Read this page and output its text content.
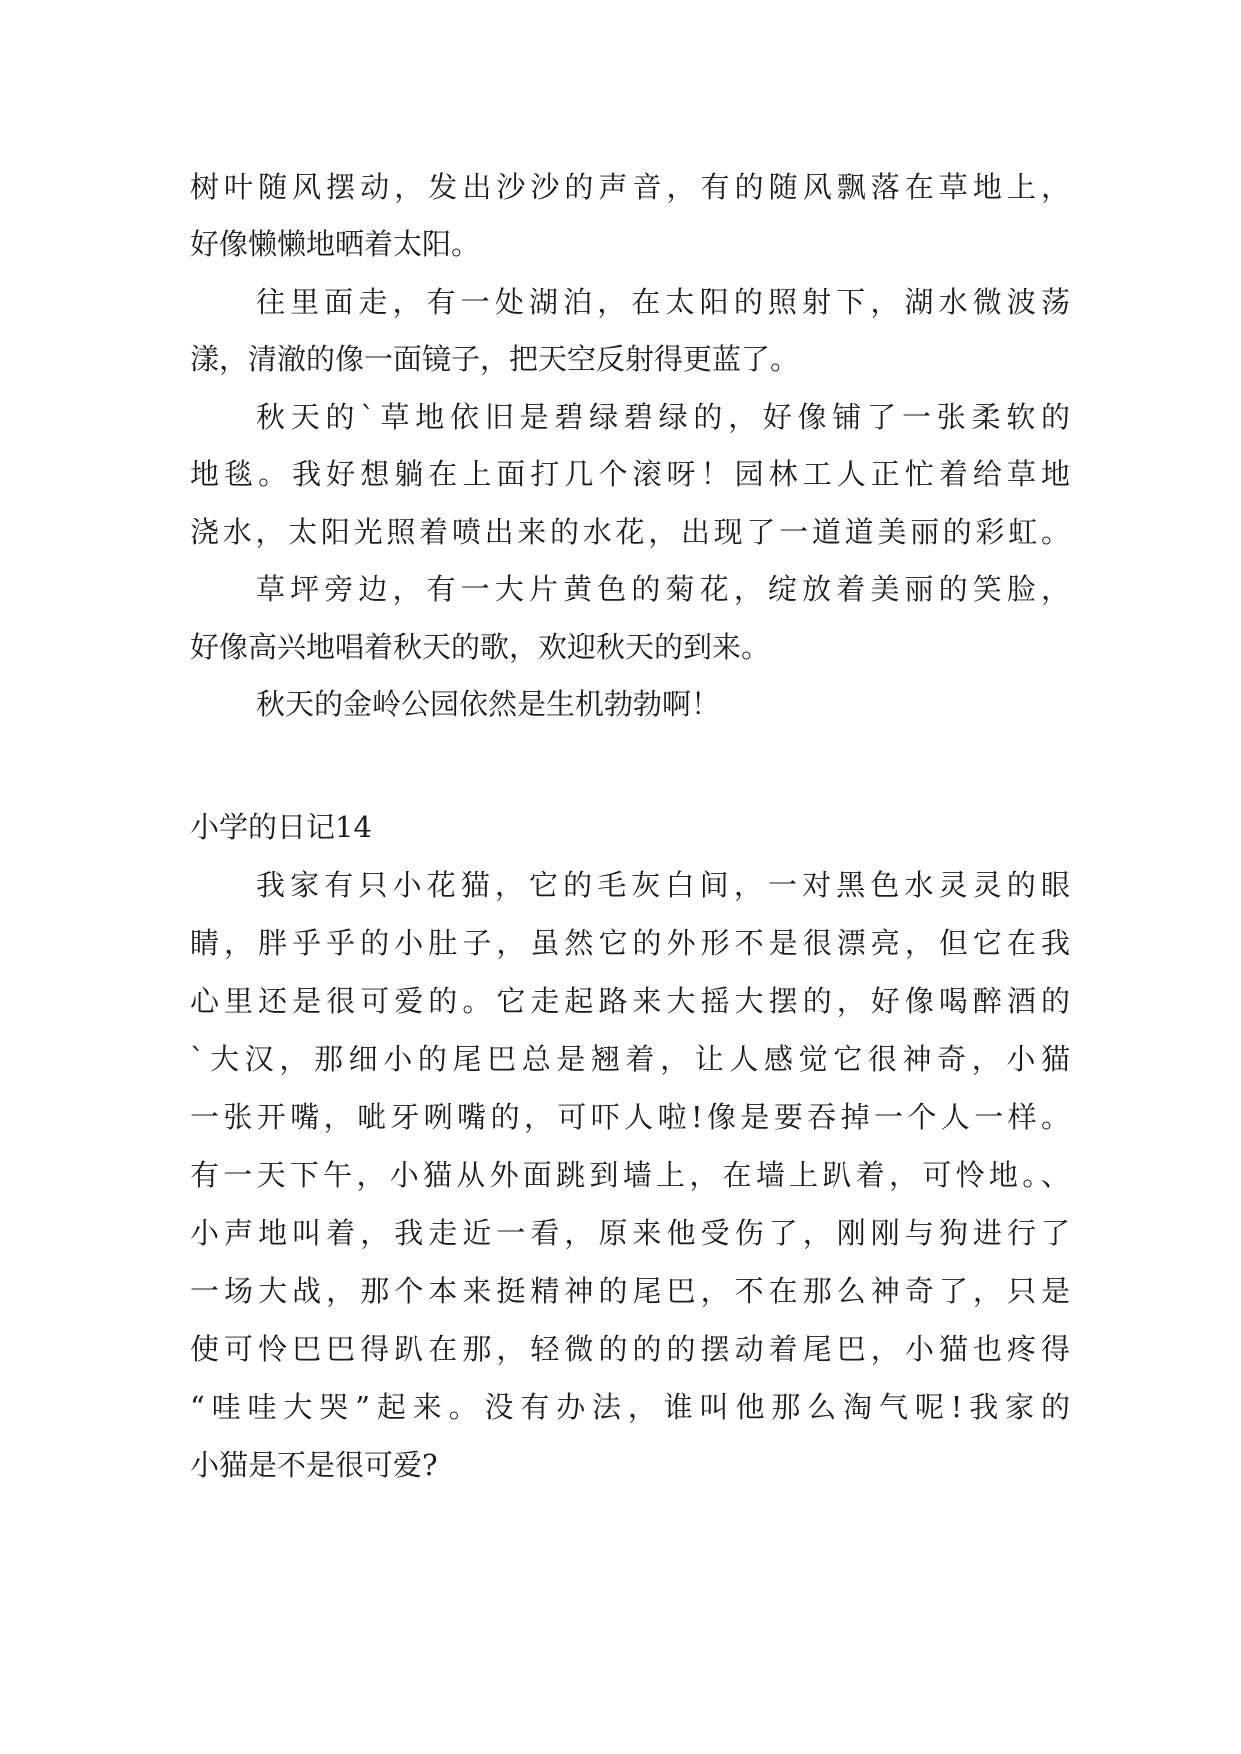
树叶随风摆动，发出沙沙的声音，有的随风飘落在草地上，
好像懒懒地晒着太阳。
往里面走，有一处湖泊，在太阳的照射下，湖水微波荡
漾，清澈的像一面镜子，把天空反射得更蓝了。
秋天的`草地依旧是碧绿碧绿的，好像铺了一张柔软的
地毯。我好想躺在上面打几个滚呀！园林工人正忙着给草地
浇水，太阳光照着喷出来的水花，出现了一道道美丽的彩虹。
草坪旁边，有一大片黄色的菊花，绽放着美丽的笑脸，
好像高兴地唱着秋天的歌，欢迎秋天的到来。
秋天的金岭公园依然是生机勃勃啊！
小学的日记14
我家有只小花猫，它的毛灰白间，一对黑色水灵灵的眼
睛，胖乎乎的小肚子，虽然它的外形不是很漂亮，但它在我
心里还是很可爱的。它走起路来大摇大摆的，好像喝醉酒的
`大汉，那细小的尾巴总是翘着，让人感觉它很神奇，小猫
一张开嘴，呲牙咧嘴的，可吓人啦!像是要吞掉一个人一样。
有一天下午，小猫从外面跳到墙上，在墙上趴着，可怜地。、
小声地叫着，我走近一看，原来他受伤了，刚刚与狗进行了
一场大战，那个本来挺精神的尾巴，不在那么神奇了，只是
使可怜巴巴得趴在那，轻微的的的摆动着尾巴，小猫也疼得
“哇哇大哭”起来。没有办法，谁叫他那么淘气呢!我家的
小猫是不是很可爱?
